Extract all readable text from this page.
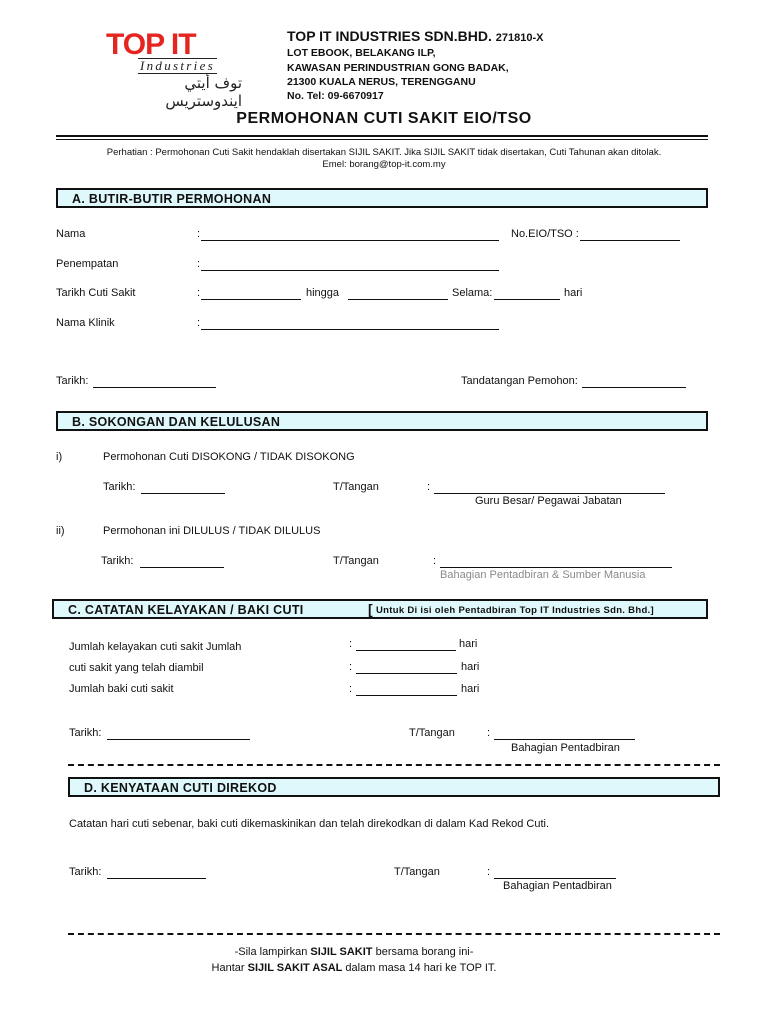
TOP IT
Industries
توف أيتي ايندوستريس
TOP IT INDUSTRIES SDN.BHD. 271810-X
LOT EBOOK, BELAKANG ILP,
KAWASAN PERINDUSTRIAN GONG BADAK,
21300 KUALA NERUS, TERENGGANU
No. Tel: 09-6670917
PERMOHONAN CUTI SAKIT EIO/TSO
Perhatian : Permohonan Cuti Sakit hendaklah disertakan SIJIL SAKIT. Jika SIJIL SAKIT tidak disertakan, Cuti Tahunan akan ditolak.
Emel: borang@top-it.com.my
A. BUTIR-BUTIR PERMOHONAN
Nama	:	No.EIO/TSO :
Penempatan	:
Tarikh Cuti Sakit	:	hingga	Selama:	hari
Nama Klinik	:
Tarikh:	Tandatangan Pemohon:
B. SOKONGAN DAN KELULUSAN
i)	Permohonan Cuti DISOKONG / TIDAK DISOKONG
Tarikh:	T/Tangan	:
Guru Besar/ Pegawai Jabatan
ii)	Permohonan ini DILULUS / TIDAK DILULUS
Tarikh:	T/Tangan	:
Bahagian Pentadbiran & Sumber Manusia
C. CATATAN KELAYAKAN / BAKI CUTI	[ Untuk Di isi oleh Pentadbiran Top IT Industries Sdn. Bhd.]
Jumlah kelayakan cuti sakit Jumlah	:	hari
cuti sakit yang telah diambil	:	hari
Jumlah baki cuti sakit	:	hari
Tarikh:	T/Tangan	:
Bahagian Pentadbiran
D. KENYATAAN CUTI DIREKOD
Catatan hari cuti sebenar, baki cuti dikemaskinikan dan telah direkodkan di dalam Kad Rekod Cuti.
Tarikh:	T/Tangan	:
Bahagian Pentadbiran
-Sila lampirkan SIJIL SAKIT bersama borang ini-
Hantar SIJIL SAKIT ASAL dalam masa 14 hari ke TOP IT.
